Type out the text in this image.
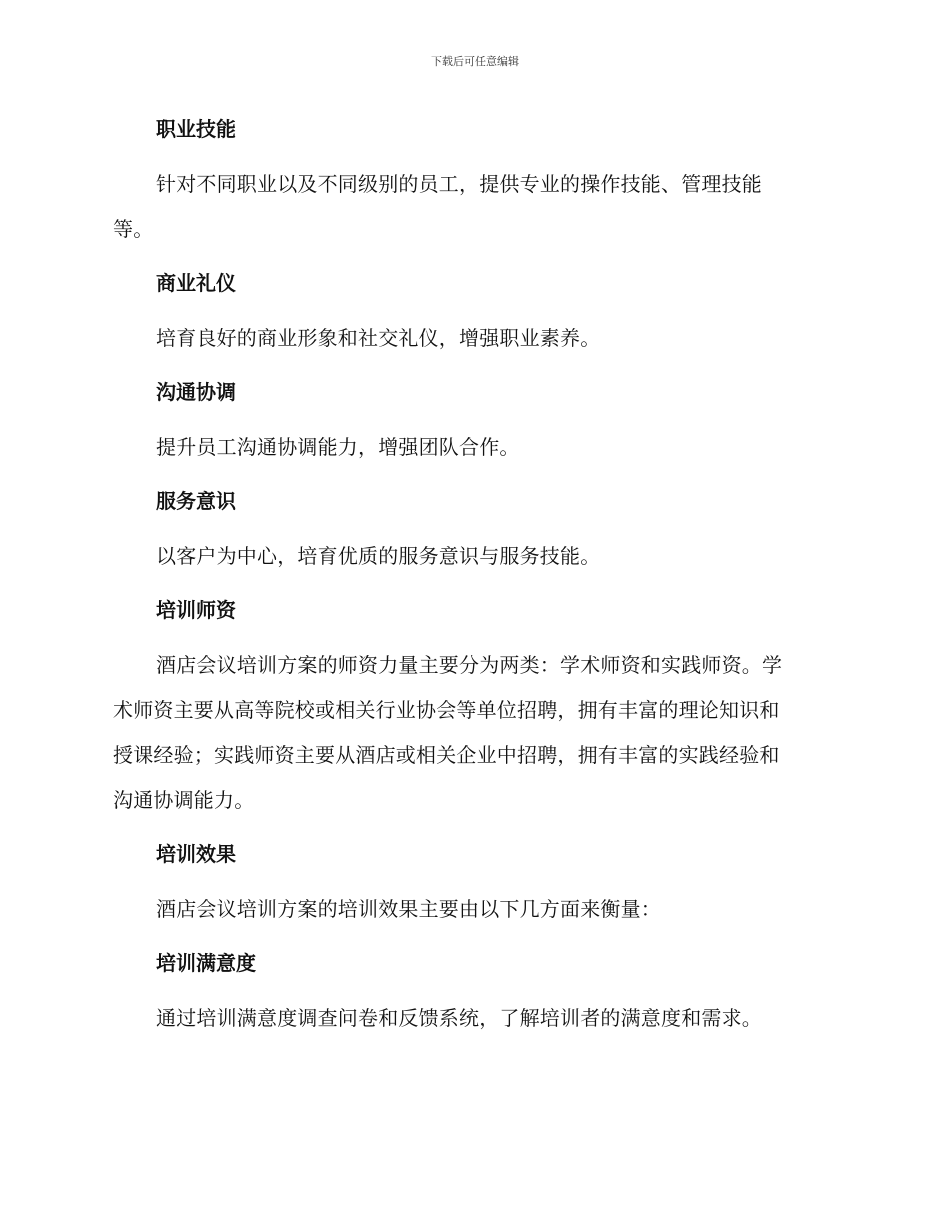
下载后可任意编辑

职业技能

针对不同职业以及不同级别的员工，提供专业的操作技能、管理技能
等。

商业礼仪

培育良好的商业形象和社交礼仪，增强职业素养。

沟通协调

提升员工沟通协调能力，增强团队合作。

服务意识

以客户为中心，培育优质的服务意识与服务技能。

培训师资

酒店会议培训方案的师资力量主要分为两类：学术师资和实践师资。学
术师资主要从高等院校或相关行业协会等单位招聘，拥有丰富的理论知识和
授课经验；实践师资主要从酒店或相关企业中招聘，拥有丰富的实践经验和
沟通协调能力。

培训效果

酒店会议培训方案的培训效果主要由以下几方面来衡量：

培训满意度

通过培训满意度调查问卷和反馈系统，了解培训者的满意度和需求。
